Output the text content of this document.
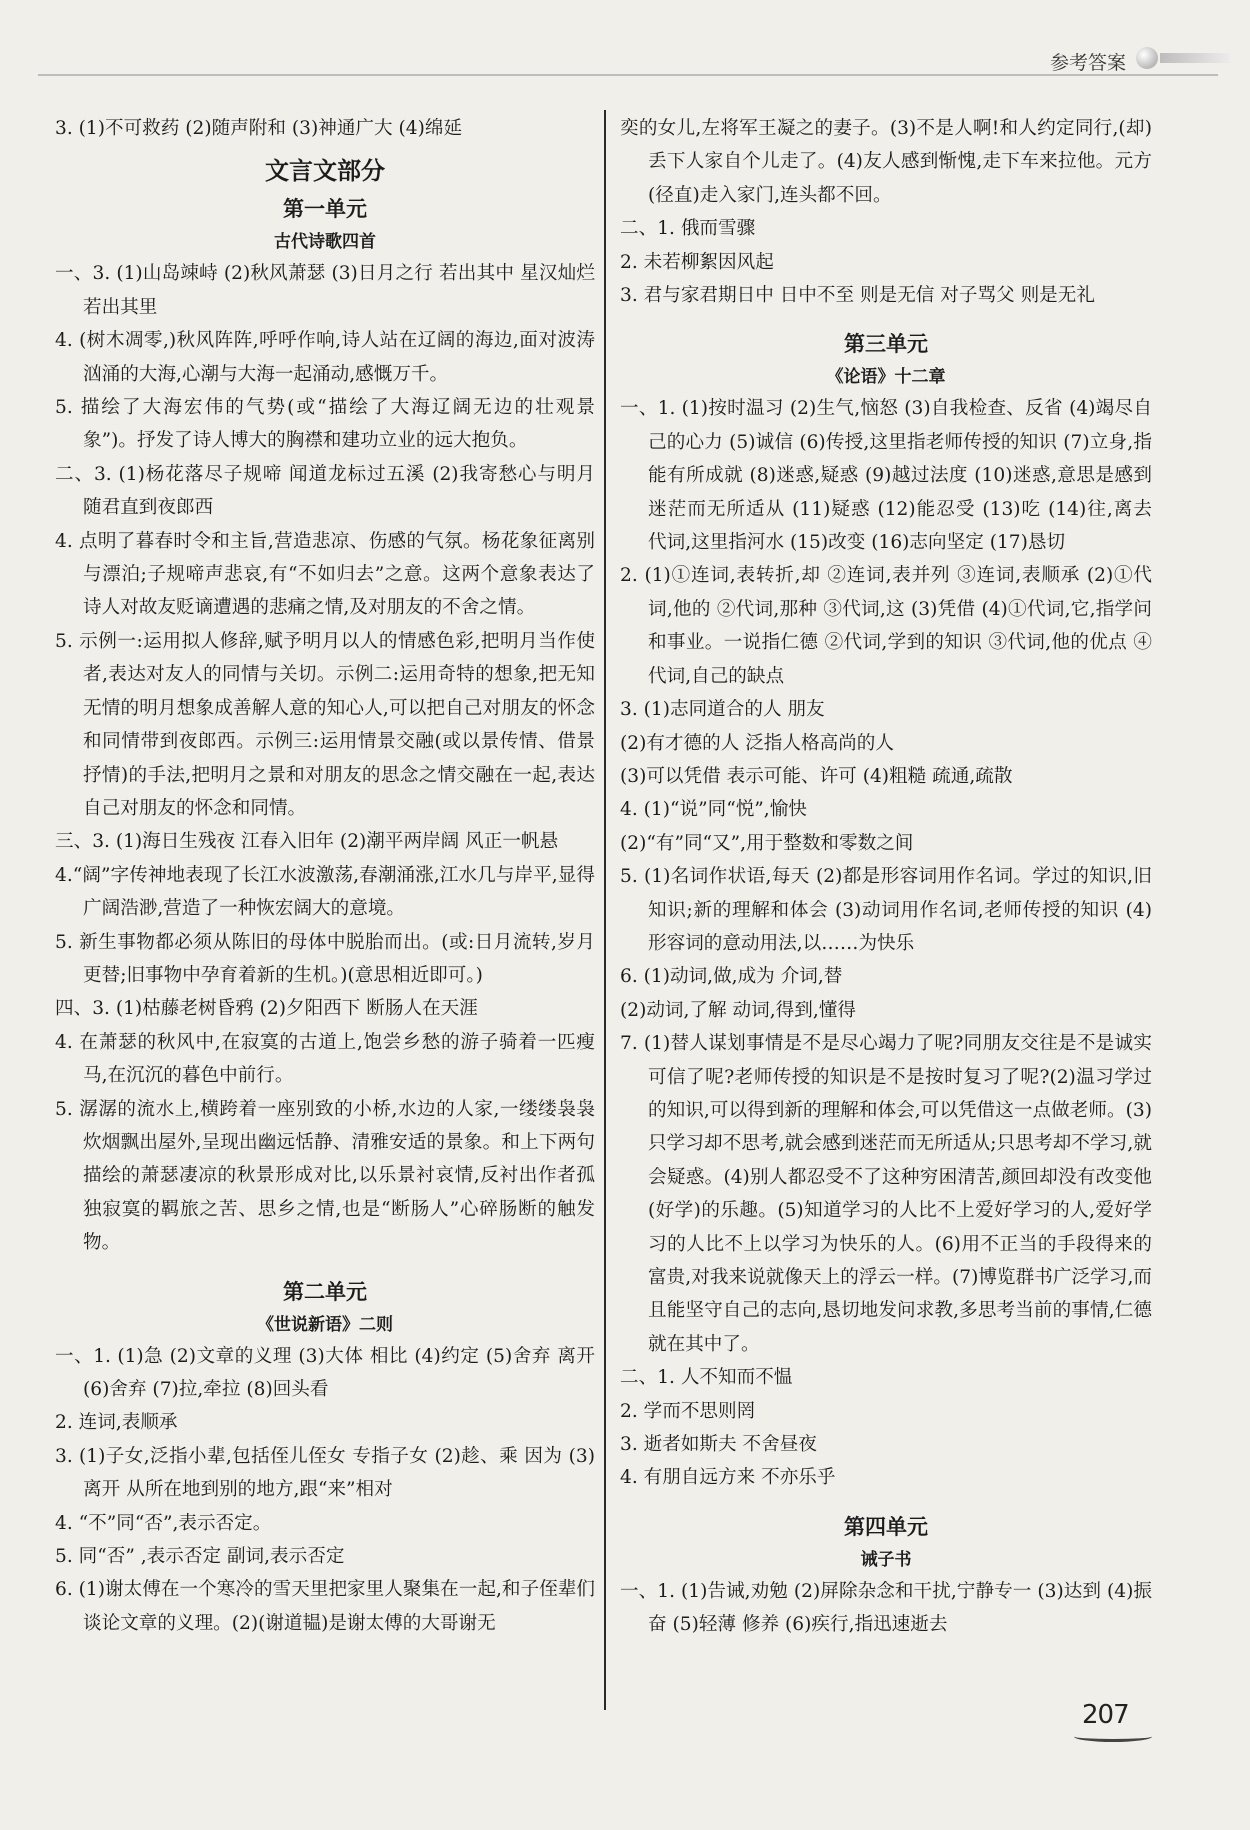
参考答案
3. (1)不可救药 (2)随声附和 (3)神通广大 (4)绵延
文言文部分
第一单元
古代诗歌四首
一、3. (1)山岛竦峙 (2)秋风萧瑟 (3)日月之行 若出其中 星汉灿烂 若出其里
4. (树木凋零,)秋风阵阵,呼呼作响,诗人站在辽阔的海边,面对波涛汹涌的大海,心潮与大海一起涌动,感慨万千。
5. 描绘了大海宏伟的气势(或“描绘了大海辽阔无边的壮观景象”)。抒发了诗人博大的胸襟和建功立业的远大抱负。
二、3. (1)杨花落尽子规啼 闻道龙标过五溪 (2)我寄愁心与明月 随君直到夜郎西
4. 点明了暮春时令和主旨,营造悲凉、伤感的气氛。杨花象征离别与漂泊;子规啼声悲哀,有“不如归去”之意。这两个意象表达了诗人对故友贬谪遭遇的悲痛之情,及对朋友的不舍之情。
5. 示例一:运用拟人修辞,赋予明月以人的情感色彩,把明月当作使者,表达对友人的同情与关切。示例二:运用奇特的想象,把无知无情的明月想象成善解人意的知心人,可以把自己对朋友的怀念和同情带到夜郎西。示例三:运用情景交融(或以景传情、借景抒情)的手法,把明月之景和对朋友的思念之情交融在一起,表达自己对朋友的怀念和同情。
三、3. (1)海日生残夜 江春入旧年 (2)潮平两岸阔 风正一帆悬
4.“阔”字传神地表现了长江水波激荡,春潮涌涨,江水几与岸平,显得广阔浩渺,营造了一种恢宏阔大的意境。
5. 新生事物都必须从陈旧的母体中脱胎而出。(或:日月流转,岁月更替;旧事物中孕育着新的生机。)(意思相近即可。)
四、3. (1)枯藤老树昏鸦 (2)夕阳西下 断肠人在天涯
4. 在萧瑟的秋风中,在寂寞的古道上,饱尝乡愁的游子骑着一匹瘦马,在沉沉的暮色中前行。
5. 潺潺的流水上,横跨着一座别致的小桥,水边的人家,一缕缕袅袅炊烟飘出屋外,呈现出幽远恬静、清雅安适的景象。和上下两句描绘的萧瑟凄凉的秋景形成对比,以乐景衬哀情,反衬出作者孤独寂寞的羁旅之苦、思乡之情,也是“断肠人”心碎肠断的触发物。
第二单元
《世说新语》二则
一、1. (1)急 (2)文章的义理 (3)大体 相比 (4)约定 (5)舍弃 离开 (6)舍弃 (7)拉,牵拉 (8)回头看
2. 连词,表顺承
3. (1)子女,泛指小辈,包括侄儿侄女 专指子女 (2)趁、乘 因为 (3)离开 从所在地到别的地方,跟“来”相对
4. “不”同“否”,表示否定。
5. 同“否” ,表示否定 副词,表示否定
6. (1)谢太傅在一个寒冷的雪天里把家里人聚集在一起,和子侄辈们谈论文章的义理。(2)(谢道韫)是谢太傅的大哥谢无
奕的女儿,左将军王凝之的妻子。(3)不是人啊!和人约定同行,(却)丢下人家自个儿走了。(4)友人感到惭愧,走下车来拉他。元方(径直)走入家门,连头都不回。
二、1. 俄而雪骤
2. 未若柳絮因风起
3. 君与家君期日中 日中不至 则是无信 对子骂父 则是无礼
第三单元
《论语》十二章
一、1. (1)按时温习 (2)生气,恼怒 (3)自我检查、反省 (4)竭尽自己的心力 (5)诚信 (6)传授,这里指老师传授的知识 (7)立身,指能有所成就 (8)迷惑,疑惑 (9)越过法度 (10)迷惑,意思是感到迷茫而无所适从 (11)疑惑 (12)能忍受 (13)吃 (14)往,离去 代词,这里指河水 (15)改变 (16)志向坚定 (17)恳切
2. (1)①连词,表转折,却 ②连词,表并列 ③连词,表顺承 (2)①代词,他的 ②代词,那种 ③代词,这 (3)凭借 (4)①代词,它,指学问和事业。一说指仁德 ②代词,学到的知识 ③代词,他的优点 ④代词,自己的缺点
3. (1)志同道合的人 朋友
(2)有才德的人 泛指人格高尚的人
(3)可以凭借 表示可能、许可 (4)粗糙 疏通,疏散
4. (1)“说”同“悦”,愉快
(2)“有”同“又”,用于整数和零数之间
5. (1)名词作状语,每天 (2)都是形容词用作名词。学过的知识,旧知识;新的理解和体会 (3)动词用作名词,老师传授的知识 (4)形容词的意动用法,以……为快乐
6. (1)动词,做,成为 介词,替
(2)动词,了解 动词,得到,懂得
7. (1)替人谋划事情是不是尽心竭力了呢?同朋友交往是不是诚实可信了呢?老师传授的知识是不是按时复习了呢?(2)温习学过的知识,可以得到新的理解和体会,可以凭借这一点做老师。(3)只学习却不思考,就会感到迷茫而无所适从;只思考却不学习,就会疑惑。(4)别人都忍受不了这种穷困清苦,颜回却没有改变他(好学)的乐趣。(5)知道学习的人比不上爱好学习的人,爱好学习的人比不上以学习为快乐的人。(6)用不正当的手段得来的富贵,对我来说就像天上的浮云一样。(7)博览群书广泛学习,而且能坚守自己的志向,恳切地发问求教,多思考当前的事情,仁德就在其中了。
二、1. 人不知而不愠
2. 学而不思则罔
3. 逝者如斯夫 不舍昼夜
4. 有朋自远方来 不亦乐乎
第四单元
诫子书
一、1. (1)告诫,劝勉 (2)屏除杂念和干扰,宁静专一 (3)达到 (4)振奋 (5)轻薄 修养 (6)疾行,指迅速逝去
207
